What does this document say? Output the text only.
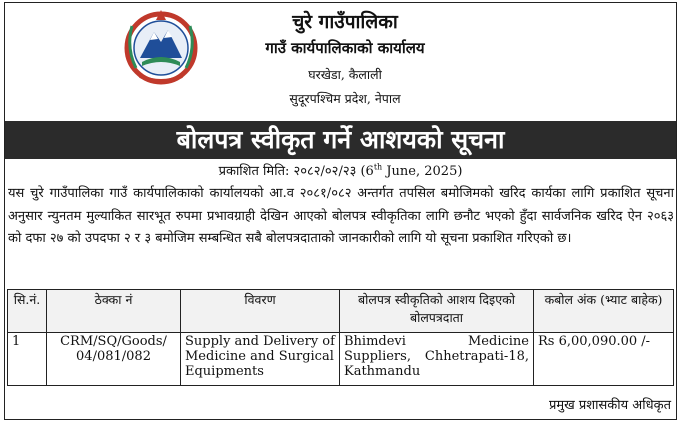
चुरे गाउँपालिका
गाउँ कार्यपालिकाको कार्यालय
घरखेडा, कैलाली
सुदूरपश्चिम प्रदेश, नेपाल
बोलपत्र स्वीकृत गर्ने आशयको सूचना
प्रकाशित मिति: २०८२/०२/२३ (6th June, 2025)
यस चुरे गाउँपालिका गाउँ कार्यपालिकाको कार्यालयको आ.व २०८१/०८२ अन्तर्गत तपसिल बमोजिमको खरिद कार्यका लागि प्रकाशित सूचना अनुसार न्युनतम मुल्याकित सारभूत रुपमा प्रभावग्राही देखिन आएको बोलपत्र स्वीकृतिका लागि छनौट भएको हुँदा सार्वजनिक खरिद ऐन २०६३ को दफा २७ को उपदफा २ र ३ बमोजिम सम्बन्धित सबै बोलपत्रदाताको जानकारीको लागि यो सूचना प्रकाशित गरिएको छ।
सि.नं.	ठेक्का नं	विवरण	बोलपत्र स्वीकृतिको आशय दिइएको बोलपत्रदाता	कबोल अंक (भ्याट बाहेक)
1	CRM/SQ/Goods/ 04/081/082	Supply and Delivery of Medicine and Surgical Equipments	Bhimdevi Medicine Suppliers, Chhetrapati-18, Kathmandu	Rs 6,00,090.00 /-
प्रमुख प्रशासकीय अधिकृत
